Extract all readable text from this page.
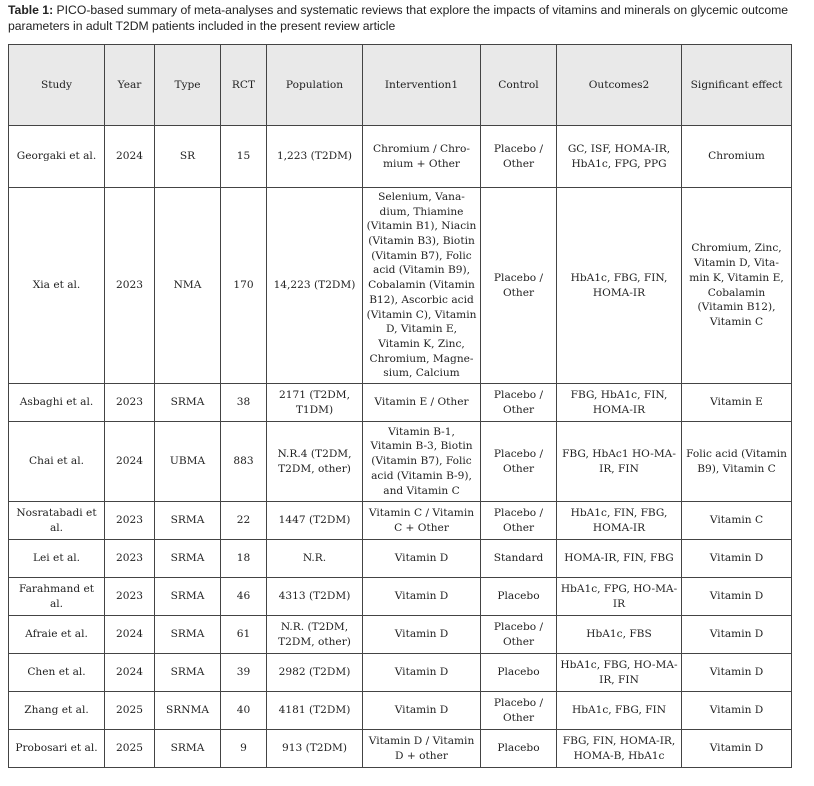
Table 1: PICO-based summary of meta-analyses and systematic reviews that explore the impacts of vitamins and minerals on glycemic outcome parameters in adult T2DM patients included in the present review article
Study	Year	Type	RCT	Population	Intervention1	Control	Outcomes2	Significant effect
Georgaki et al.	2024	SR	15	1,223 (T2DM)	Chromium / Chro-mium + Other	Placebo / Other	GC, ISF, HOMA-IR, HbA1c, FPG, PPG	Chromium
Xia et al.	2023	NMA	170	14,223 (T2DM)	Selenium, Vana-dium, Thiamine (Vitamin B1), Niacin (Vitamin B3), Biotin (Vitamin B7), Folic acid (Vitamin B9), Cobalamin (Vitamin B12), Ascorbic acid (Vitamin C), Vitamin D, Vitamin E, Vitamin K, Zinc, Chromium, Magne-sium, Calcium	Placebo / Other	HbA1c, FBG, FIN, HOMA-IR	Chromium, Zinc, Vitamin D, Vita-min K, Vitamin E, Cobalamin (Vitamin B12), Vitamin C
Asbaghi et al.	2023	SRMA	38	2171 (T2DM, T1DM)	Vitamin E / Other	Placebo / Other	FBG, HbA1c, FIN, HOMA-IR	Vitamin E
Chai et al.	2024	UBMA	883	N.R.4 (T2DM, T2DM, other)	Vitamin B-1, Vitamin B-3, Biotin (Vitamin B7), Folic acid (Vitamin B-9), and Vitamin C	Placebo / Other	FBG, HbAc1 HO-MA-IR, FIN	Folic acid (Vitamin B9), Vitamin C
Nosratabadi et al.	2023	SRMA	22	1447 (T2DM)	Vitamin C / Vitamin C + Other	Placebo / Other	HbA1c, FIN, FBG, HOMA-IR	Vitamin C
Lei et al.	2023	SRMA	18	N.R.	Vitamin D	Standard	HOMA-IR, FIN, FBG	Vitamin D
Farahmand et al.	2023	SRMA	46	4313 (T2DM)	Vitamin D	Placebo	HbA1c, FPG, HO-MA-IR	Vitamin D
Afraie et al.	2024	SRMA	61	N.R. (T2DM, T2DM, other)	Vitamin D	Placebo / Other	HbA1c, FBS	Vitamin D
Chen et al.	2024	SRMA	39	2982 (T2DM)	Vitamin D	Placebo	HbA1c, FBG, HO-MA-IR, FIN	Vitamin D
Zhang et al.	2025	SRNMA	40	4181 (T2DM)	Vitamin D	Placebo / Other	HbA1c, FBG, FIN	Vitamin D
Probosari et al.	2025	SRMA	9	913 (T2DM)	Vitamin D / Vitamin D + other	Placebo	FBG, FIN, HOMA-IR, HOMA-B, HbA1c	Vitamin D
